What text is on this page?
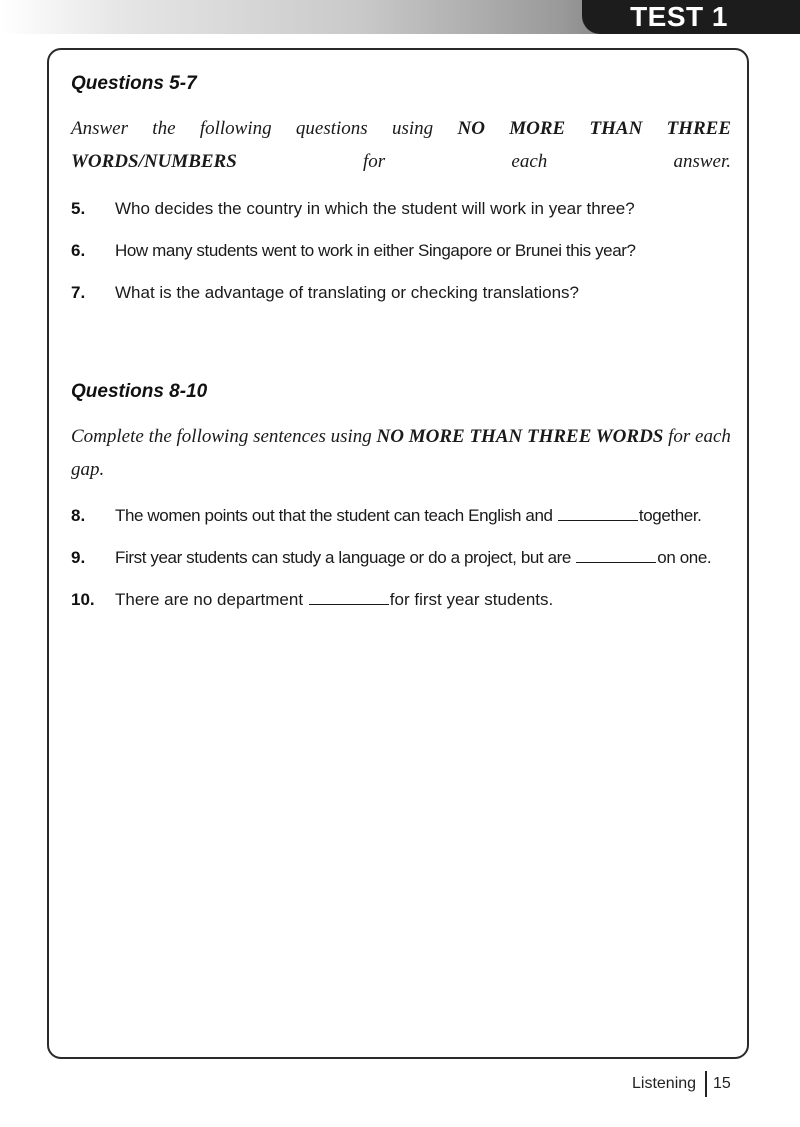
TEST 1
Questions 5-7
Answer the following questions using NO MORE THAN THREE WORDS/NUMBERS for each answer.
5. Who decides the country in which the student will work in year three?
6. How many students went to work in either Singapore or Brunei this year?
7. What is the advantage of translating or checking translations?
Questions 8-10
Complete the following sentences using NO MORE THAN THREE WORDS for each gap.
8. The women points out that the student can teach English and	together.
9. First year students can study a language or do a project, but are	on one.
10. There are no department	for first year students.
Listening 15
